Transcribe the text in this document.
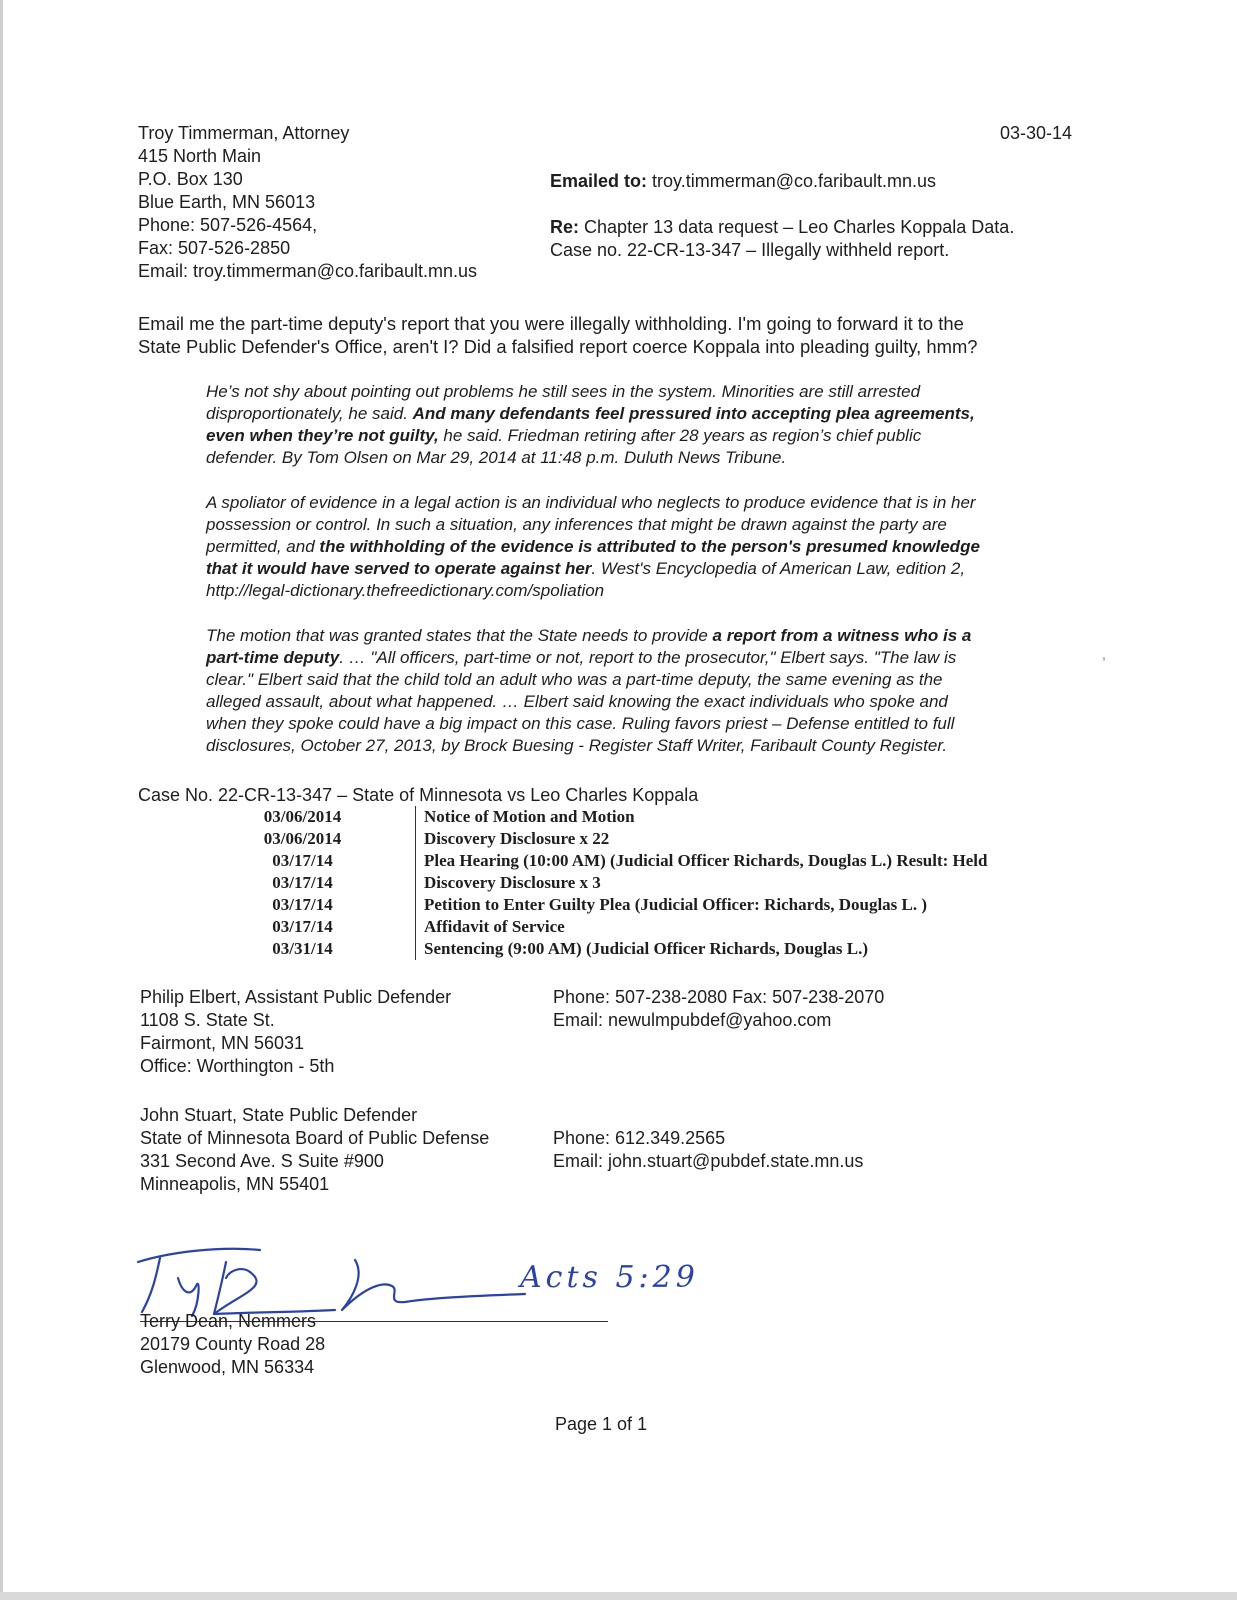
Troy Timmerman, Attorney
415 North Main
P.O. Box 130
Blue Earth, MN 56013
Phone: 507-526-4564,
Fax: 507-526-2850
Email: troy.timmerman@co.faribault.mn.us
03-30-14
Emailed to: troy.timmerman@co.faribault.mn.us
Re: Chapter 13 data request – Leo Charles Koppala Data.
Case no. 22-CR-13-347 – Illegally withheld report.
Email me the part-time deputy's report that you were illegally withholding. I'm going to forward it to the
State Public Defender's Office, aren't I? Did a falsified report coerce Koppala into pleading guilty, hmm?
He’s not shy about pointing out problems he still sees in the system. Minorities are still arrested
disproportionately, he said. And many defendants feel pressured into accepting plea agreements,
even when they’re not guilty, he said. Friedman retiring after 28 years as region’s chief public
defender. By Tom Olsen on Mar 29, 2014 at 11:48 p.m. Duluth News Tribune.
A spoliator of evidence in a legal action is an individual who neglects to produce evidence that is in her
possession or control. In such a situation, any inferences that might be drawn against the party are
permitted, and the withholding of the evidence is attributed to the person's presumed knowledge
that it would have served to operate against her. West's Encyclopedia of American Law, edition 2,
http://legal-dictionary.thefreedictionary.com/spoliation
The motion that was granted states that the State needs to provide a report from a witness who is a
part-time deputy. … "All officers, part-time or not, report to the prosecutor," Elbert says. "The law is
clear." Elbert said that the child told an adult who was a part-time deputy, the same evening as the
alleged assault, about what happened. … Elbert said knowing the exact individuals who spoke and
when they spoke could have a big impact on this case. Ruling favors priest – Defense entitled to full
disclosures, October 27, 2013, by Brock Buesing - Register Staff Writer, Faribault County Register.
,
Case No. 22-CR-13-347 – State of Minnesota vs Leo Charles Koppala
03/06/2014	Notice of Motion and Motion
03/06/2014	Discovery Disclosure x 22
03/17/14	Plea Hearing (10:00 AM) (Judicial Officer Richards, Douglas L.) Result: Held
03/17/14	Discovery Disclosure x 3
03/17/14	Petition to Enter Guilty Plea (Judicial Officer: Richards, Douglas L. )
03/17/14	Affidavit of Service
03/31/14	Sentencing (9:00 AM) (Judicial Officer Richards, Douglas L.)
Philip Elbert, Assistant Public Defender
1108 S. State St.
Fairmont, MN 56031
Office: Worthington - 5th
Phone: 507-238-2080 Fax: 507-238-2070
Email: newulmpubdef@yahoo.com
John Stuart, State Public Defender
State of Minnesota Board of Public Defense
331 Second Ave. S Suite #900
Minneapolis, MN 55401
Phone: 612.349.2565
Email: john.stuart@pubdef.state.mn.us
Acts 5:29
Terry Dean, Nemmers
20179 County Road 28
Glenwood, MN 56334
Page 1 of 1
